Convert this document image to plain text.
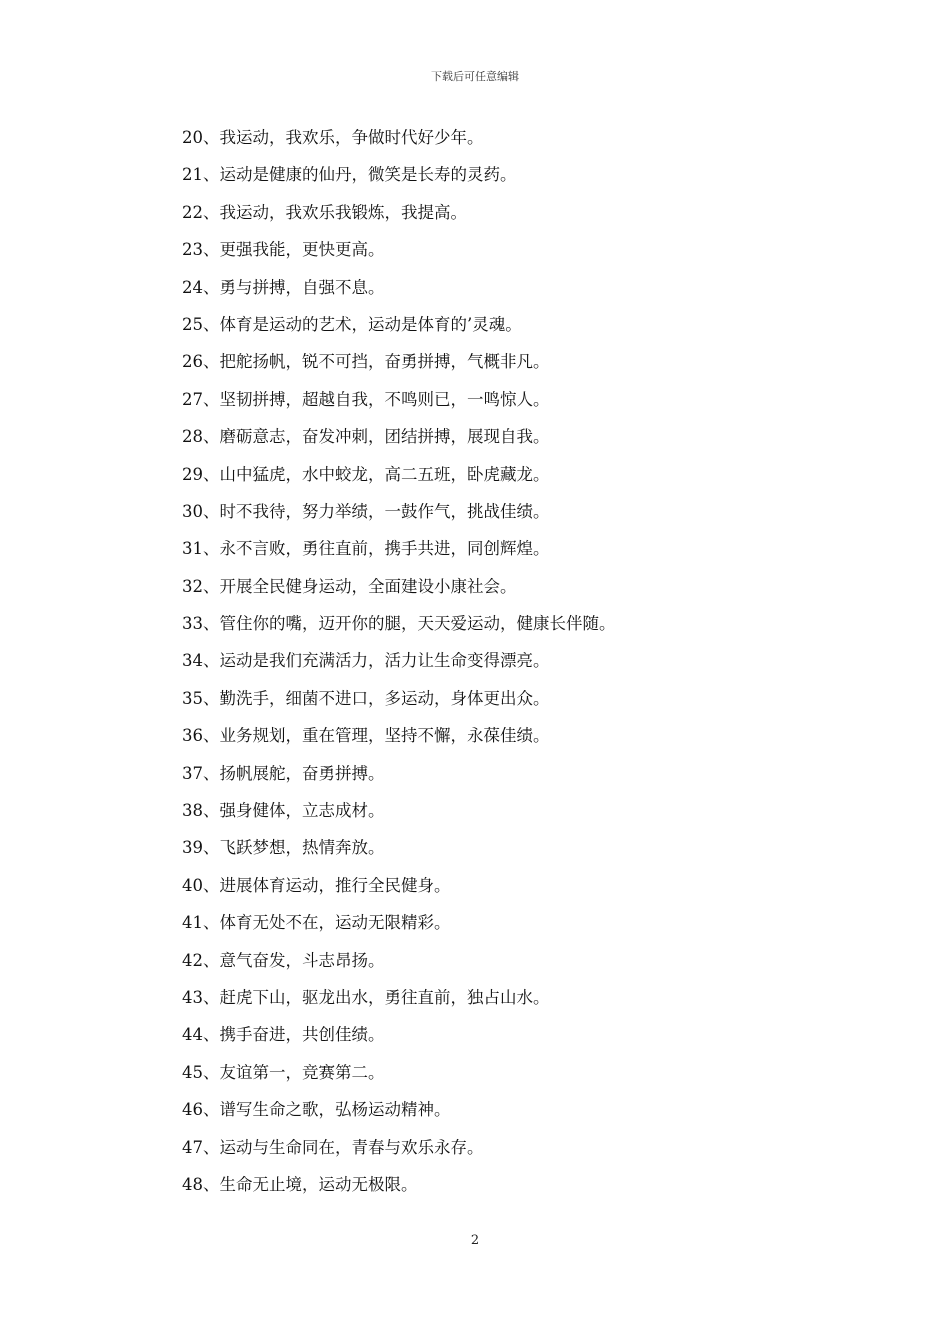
下载后可任意编辑
20、我运动，我欢乐，争做时代好少年。
21、运动是健康的仙丹，微笑是长寿的灵药。
22、我运动，我欢乐我锻炼，我提高。
23、更强我能，更快更高。
24、勇与拼搏，自强不息。
25、体育是运动的艺术，运动是体育的’灵魂。
26、把舵扬帆，锐不可挡，奋勇拼搏，气概非凡。
27、坚韧拼搏，超越自我，不鸣则已，一鸣惊人。
28、磨砺意志，奋发冲刺，团结拼搏，展现自我。
29、山中猛虎，水中蛟龙，高二五班，卧虎藏龙。
30、时不我待，努力举绩，一鼓作气，挑战佳绩。
31、永不言败，勇往直前，携手共进，同创辉煌。
32、开展全民健身运动，全面建设小康社会。
33、管住你的嘴，迈开你的腿，天天爱运动，健康长伴随。
34、运动是我们充满活力，活力让生命变得漂亮。
35、勤洗手，细菌不进口，多运动，身体更出众。
36、业务规划，重在管理，坚持不懈，永葆佳绩。
37、扬帆展舵，奋勇拼搏。
38、强身健体，立志成材。
39、飞跃梦想，热情奔放。
40、进展体育运动，推行全民健身。
41、体育无处不在，运动无限精彩。
42、意气奋发，斗志昂扬。
43、赶虎下山，驱龙出水，勇往直前，独占山水。
44、携手奋进，共创佳绩。
45、友谊第一，竞赛第二。
46、谱写生命之歌，弘杨运动精神。
47、运动与生命同在，青春与欢乐永存。
48、生命无止境，运动无极限。
2
